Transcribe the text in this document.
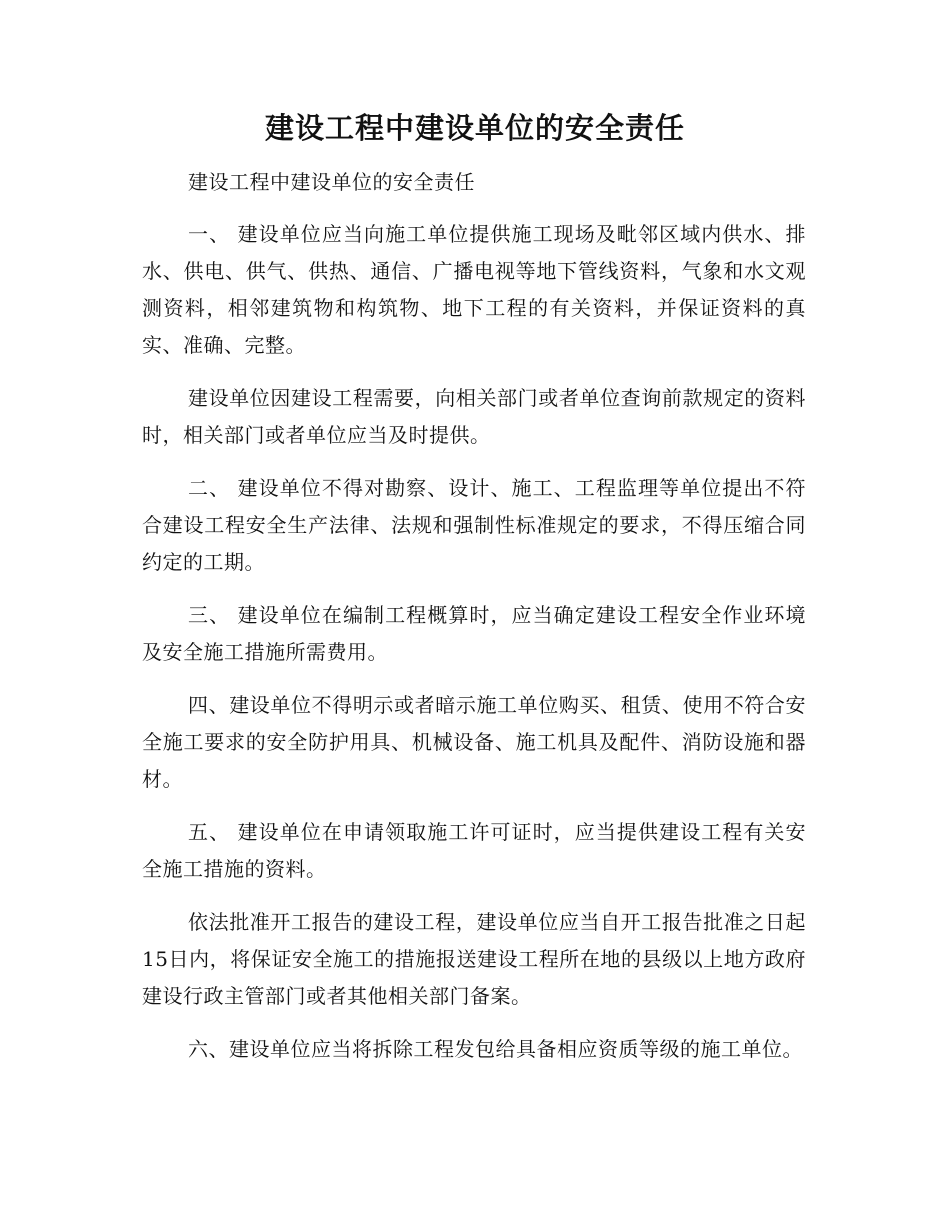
建设工程中建设单位的安全责任

建设工程中建设单位的安全责任

一、 建设单位应当向施工单位提供施工现场及毗邻区域内供水、排水、供电、供气、供热、通信、广播电视等地下管线资料，气象和水文观测资料，相邻建筑物和构筑物、地下工程的有关资料，并保证资料的真实、准确、完整。

建设单位因建设工程需要，向相关部门或者单位查询前款规定的资料时，相关部门或者单位应当及时提供。

二、 建设单位不得对勘察、设计、施工、工程监理等单位提出不符合建设工程安全生产法律、法规和强制性标准规定的要求，不得压缩合同约定的工期。

三、 建设单位在编制工程概算时，应当确定建设工程安全作业环境及安全施工措施所需费用。

四、建设单位不得明示或者暗示施工单位购买、租赁、使用不符合安全施工要求的安全防护用具、机械设备、施工机具及配件、消防设施和器材。

五、 建设单位在申请领取施工许可证时，应当提供建设工程有关安全施工措施的资料。

依法批准开工报告的建设工程，建设单位应当自开工报告批准之日起15日内，将保证安全施工的措施报送建设工程所在地的县级以上地方政府建设行政主管部门或者其他相关部门备案。

六、建设单位应当将拆除工程发包给具备相应资质等级的施工单位。
